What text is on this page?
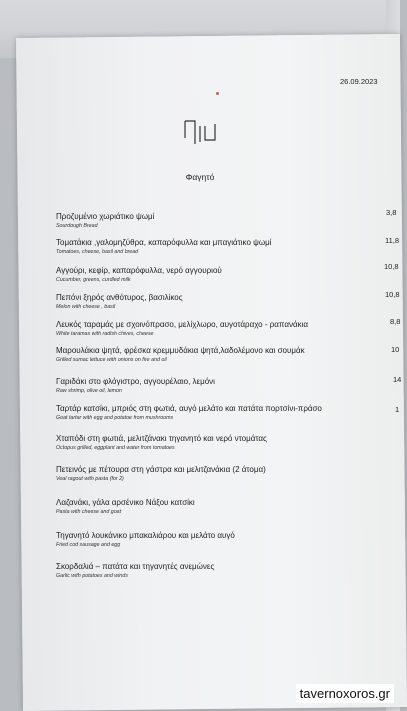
26.09.2023
Φαγητό
Προζυμένιο χωριάτικο ψωμί
Sourdough Bread
3,8
Τοματάκια ,γαλομηζύθρα, καπαρόφυλλα και μπαγιάτικο ψωμί
Tomatoes, cheese, basil and bread
11,8
Αγγούρι, κεφίρ, καπαρόφυλλα, νερό αγγουριού
Cucumber, greens, curdled milk
10,8
Πεπόνι ξηρός ανθότυρος, βασιλίκος
Melon with cheese , basil
10,8
Λευκός ταραμάς με σχοινόπρασο, μελίχλωρο, αυγοτάραχο - ραπανάκια
White taramas with radish chives, cheese
8,8
Μαρουλάκια ψητά, φρέσκα κρεμμυδάκια ψητά,λαδολέμονο και σουμάκ
Grilled sumac lettuce with onions on fire and oil
10
Γαριδάκι στο φλόγιστρο, αγγουρέλαιο, λεμόνι
Raw shrimp, olive oil, lemon
14
Ταρτάρ κατσίκι, μπριός στη φωτιά, αυγό μελάτο και πατάτα πορτσίνι-πράσο
Goat tartar with egg and potatoe from mushrooms
1
Χταπόδι στη φωτιά, μελιτζάνακι τηγανητό και νερό ντομάτας
Octopus grilled, eggplant and water from tomatoes
Πετεινός με πέτουρα στη γάστρα και μελιτζανάκια (2 άτομα)
Veal ragout with pasta (for 2)
Λαζανάκι, γάλα αρσένικο Νάξου κατσίκι
Pasta with cheese and goat
Τηγανητό λουκάνικο μπακαλιάρου και μελάτο αυγό
Fried cod sausage and egg
Σκορδαλιά – πατάτα και τηγανητές ανεμώνες
Garlic with potatoes and winds
tavernoxoros.gr
